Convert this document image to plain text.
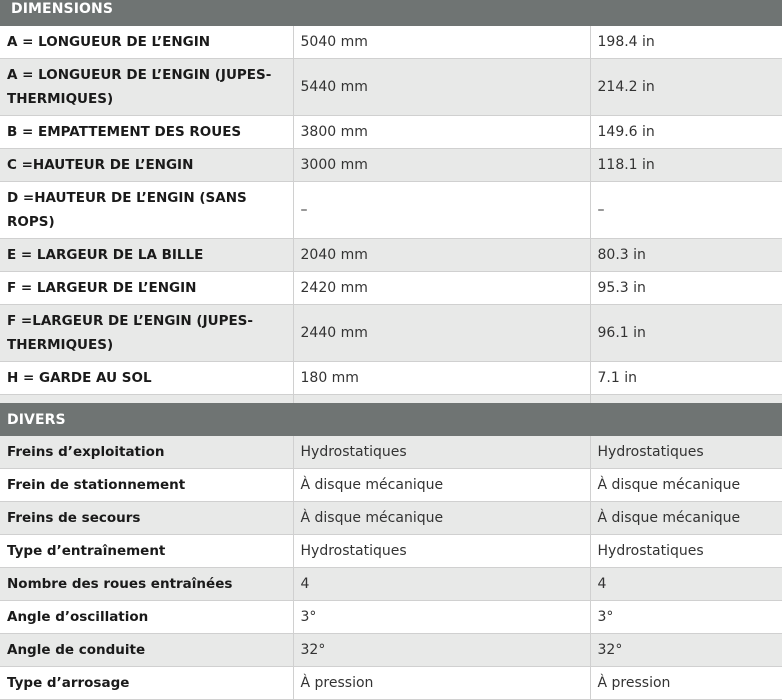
DIMENSIONS		
A = LONGUEUR DE L’ENGIN	5040 mm	198.4 in
A = LONGUEUR DE L’ENGIN (JUPES-THERMIQUES)	5440 mm	214.2 in
B = EMPATTEMENT DES ROUES	3800 mm	149.6 in
C =HAUTEUR DE L’ENGIN	3000 mm	118.1 in
D =HAUTEUR DE L’ENGIN (SANS ROPS)	–	–
E = LARGEUR DE LA BILLE	2040 mm	80.3 in
F = LARGEUR DE L’ENGIN	2420 mm	95.3 in
F =LARGEUR DE L’ENGIN (JUPES-THERMIQUES)	2440 mm	96.1 in
H = GARDE AU SOL	180 mm	7.1 in

DIVERS		
Freins d’exploitation	Hydrostatiques	Hydrostatiques
Frein de stationnement	À disque mécanique	À disque mécanique
Freins de secours	À disque mécanique	À disque mécanique
Type d’entraînement	Hydrostatiques	Hydrostatiques
Nombre des roues entraînées	4	4
Angle d’oscillation	3°	3°
Angle de conduite	32°	32°
Type d’arrosage	À pression	À pression
